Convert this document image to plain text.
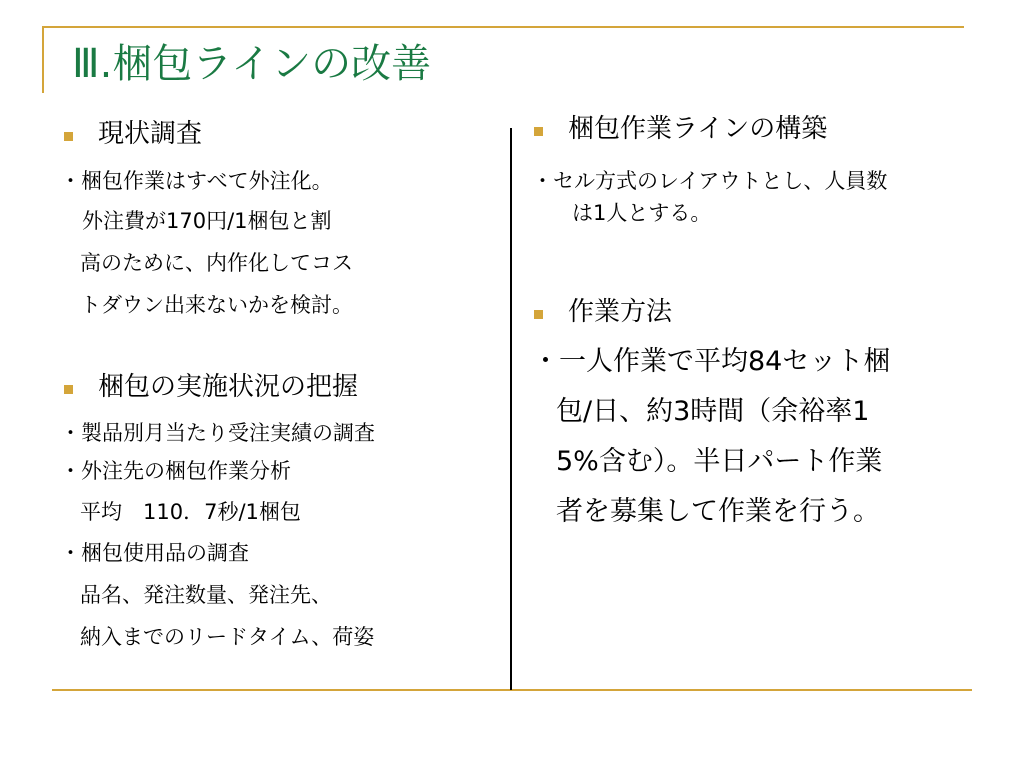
Ⅲ.梱包ラインの改善
現状調査
・梱包作業はすべて外注化。
外注費が170円/1梱包と割
高のために、内作化してコス
トダウン出来ないかを検討。
梱包の実施状況の把握
・製品別月当たり受注実績の調査
・外注先の梱包作業分析
平均　110．7秒/1梱包
・梱包使用品の調査
品名、発注数量、発注先、
納入までのリードタイム、荷姿
梱包作業ラインの構築
・セル方式のレイアウトとし、人員数
は1人とする。
作業方法
・一人作業で平均84セット梱
包/日、約3時間（余裕率1
5%含む）。半日パート作業
者を募集して作業を行う。
